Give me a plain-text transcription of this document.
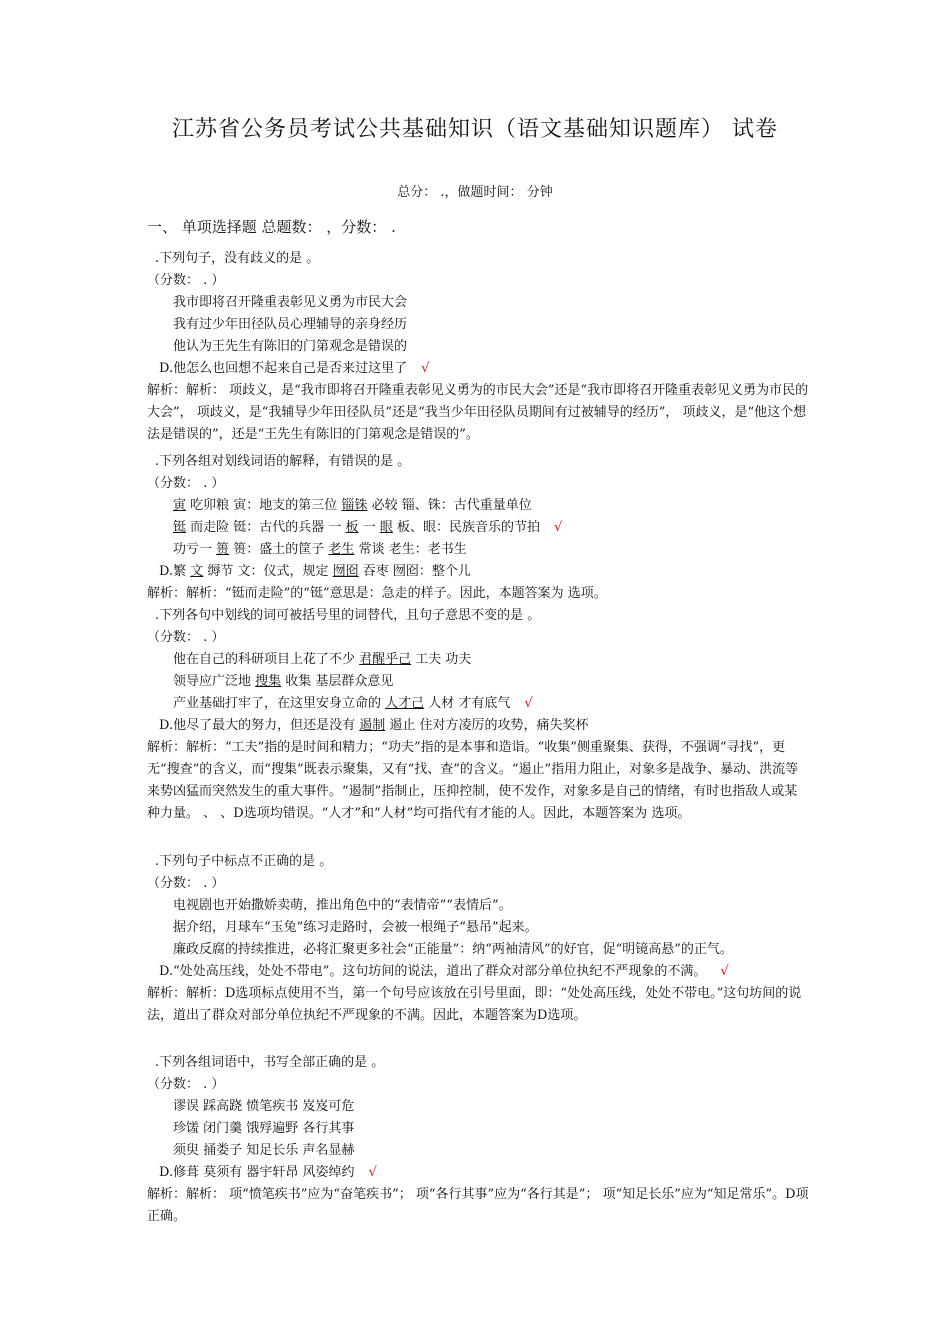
江苏省公务员考试公共基础知识（语文基础知识题库） 试卷
总分： .，做题时间： 分钟
一、 单项选择题 总题数： ，分数： .
.下列句子，没有歧义的是 。
（分数： . ）
我市即将召开隆重表彰见义勇为市民大会
我有过少年田径队员心理辅导的亲身经历
他认为王先生有陈旧的门第观念是错误的
D.他怎么也回想不起来自己是否来过这里了 √
解析：解析： 项歧义，是“我市即将召开隆重表彰见义勇为的市民大会”还是“我市即将召开隆重表彰见义勇为市民的大会”， 项歧义，是“我辅导少年田径队员”还是“我当少年田径队员期间有过被辅导的经历”， 项歧义，是“他这个想法是错误的”，还是“王先生有陈旧的门第观念是错误的”。
.下列各组对划线词语的解释，有错误的是 。
（分数： . ）
寅 吃卯粮 寅：地支的第三位 锱铢 必较 锱、铢：古代重量单位
铤 而走险 铤：古代的兵器 一 板 一 眼 板、眼：民族音乐的节拍 √
功亏一 篑 篑：盛土的筐子 老生 常谈 老生：老书生
D.繁 文 缛节 文：仪式，规定 囫囵 吞枣 囫囵：整个儿
解析：解析：“铤而走险”的“铤”意思是：急走的样子。因此，本题答案为 选项。
.下列各句中划线的词可被括号里的词替代，且句子意思不变的是 。
（分数： . ）
他在自己的科研项目上花了不少 君醒乎己 工夫 功夫
领导应广泛地 搜集 收集 基层群众意见
产业基础打牢了，在这里安身立命的 人才己 人材 才有底气 √
D.他尽了最大的努力，但还是没有 遏制 遏止 住对方凌厉的攻势，痛失奖杯
解析：解析：“工夫”指的是时间和精力；“功夫”指的是本事和造诣。“收集”侧重聚集、获得，不强调“寻找”，更无“搜查”的含义，而“搜集”既表示聚集，又有“找、查”的含义。“遏止”指用力阻止，对象多是战争、暴动、洪流等来势凶猛而突然发生的重大事件。“遏制”指制止，压抑控制，使不发作，对象多是自己的情绪，有时也指敌人或某种力量。 、 、D选项均错误。“人才”和“人材”均可指代有才能的人。因此，本题答案为 选项。
.下列句子中标点不正确的是 。
（分数： . ）
电视剧也开始撒娇卖萌，推出角色中的“表情帝”“表情后”。
据介绍，月球车“玉兔”练习走路时，会被一根绳子“悬吊”起来。
廉政反腐的持续推进，必将汇聚更多社会“正能量”：纳“两袖清风”的好官，促“明镜高悬”的正气。
D.“处处高压线，处处不带电”。这句坊间的说法，道出了群众对部分单位执纪不严现象的不满。 √
解析：解析：D选项标点使用不当，第一个句号应该放在引号里面，即：“处处高压线，处处不带电。”这句坊间的说法，道出了群众对部分单位执纪不严现象的不满。因此，本题答案为D选项。
.下列各组词语中，书写全部正确的是 。
（分数： . ）
谬误 踩高跷 愤笔疾书 岌岌可危
珍馐 闭门羹 饿殍遍野 各行其事
须臾 捅娄子 知足长乐 声名显赫
D.修葺 莫须有 器宇轩昂 风姿绰约 √
解析：解析： 项“愤笔疾书”应为“奋笔疾书”； 项“各行其事”应为“各行其是”； 项“知足长乐”应为“知足常乐”。D项正确。
